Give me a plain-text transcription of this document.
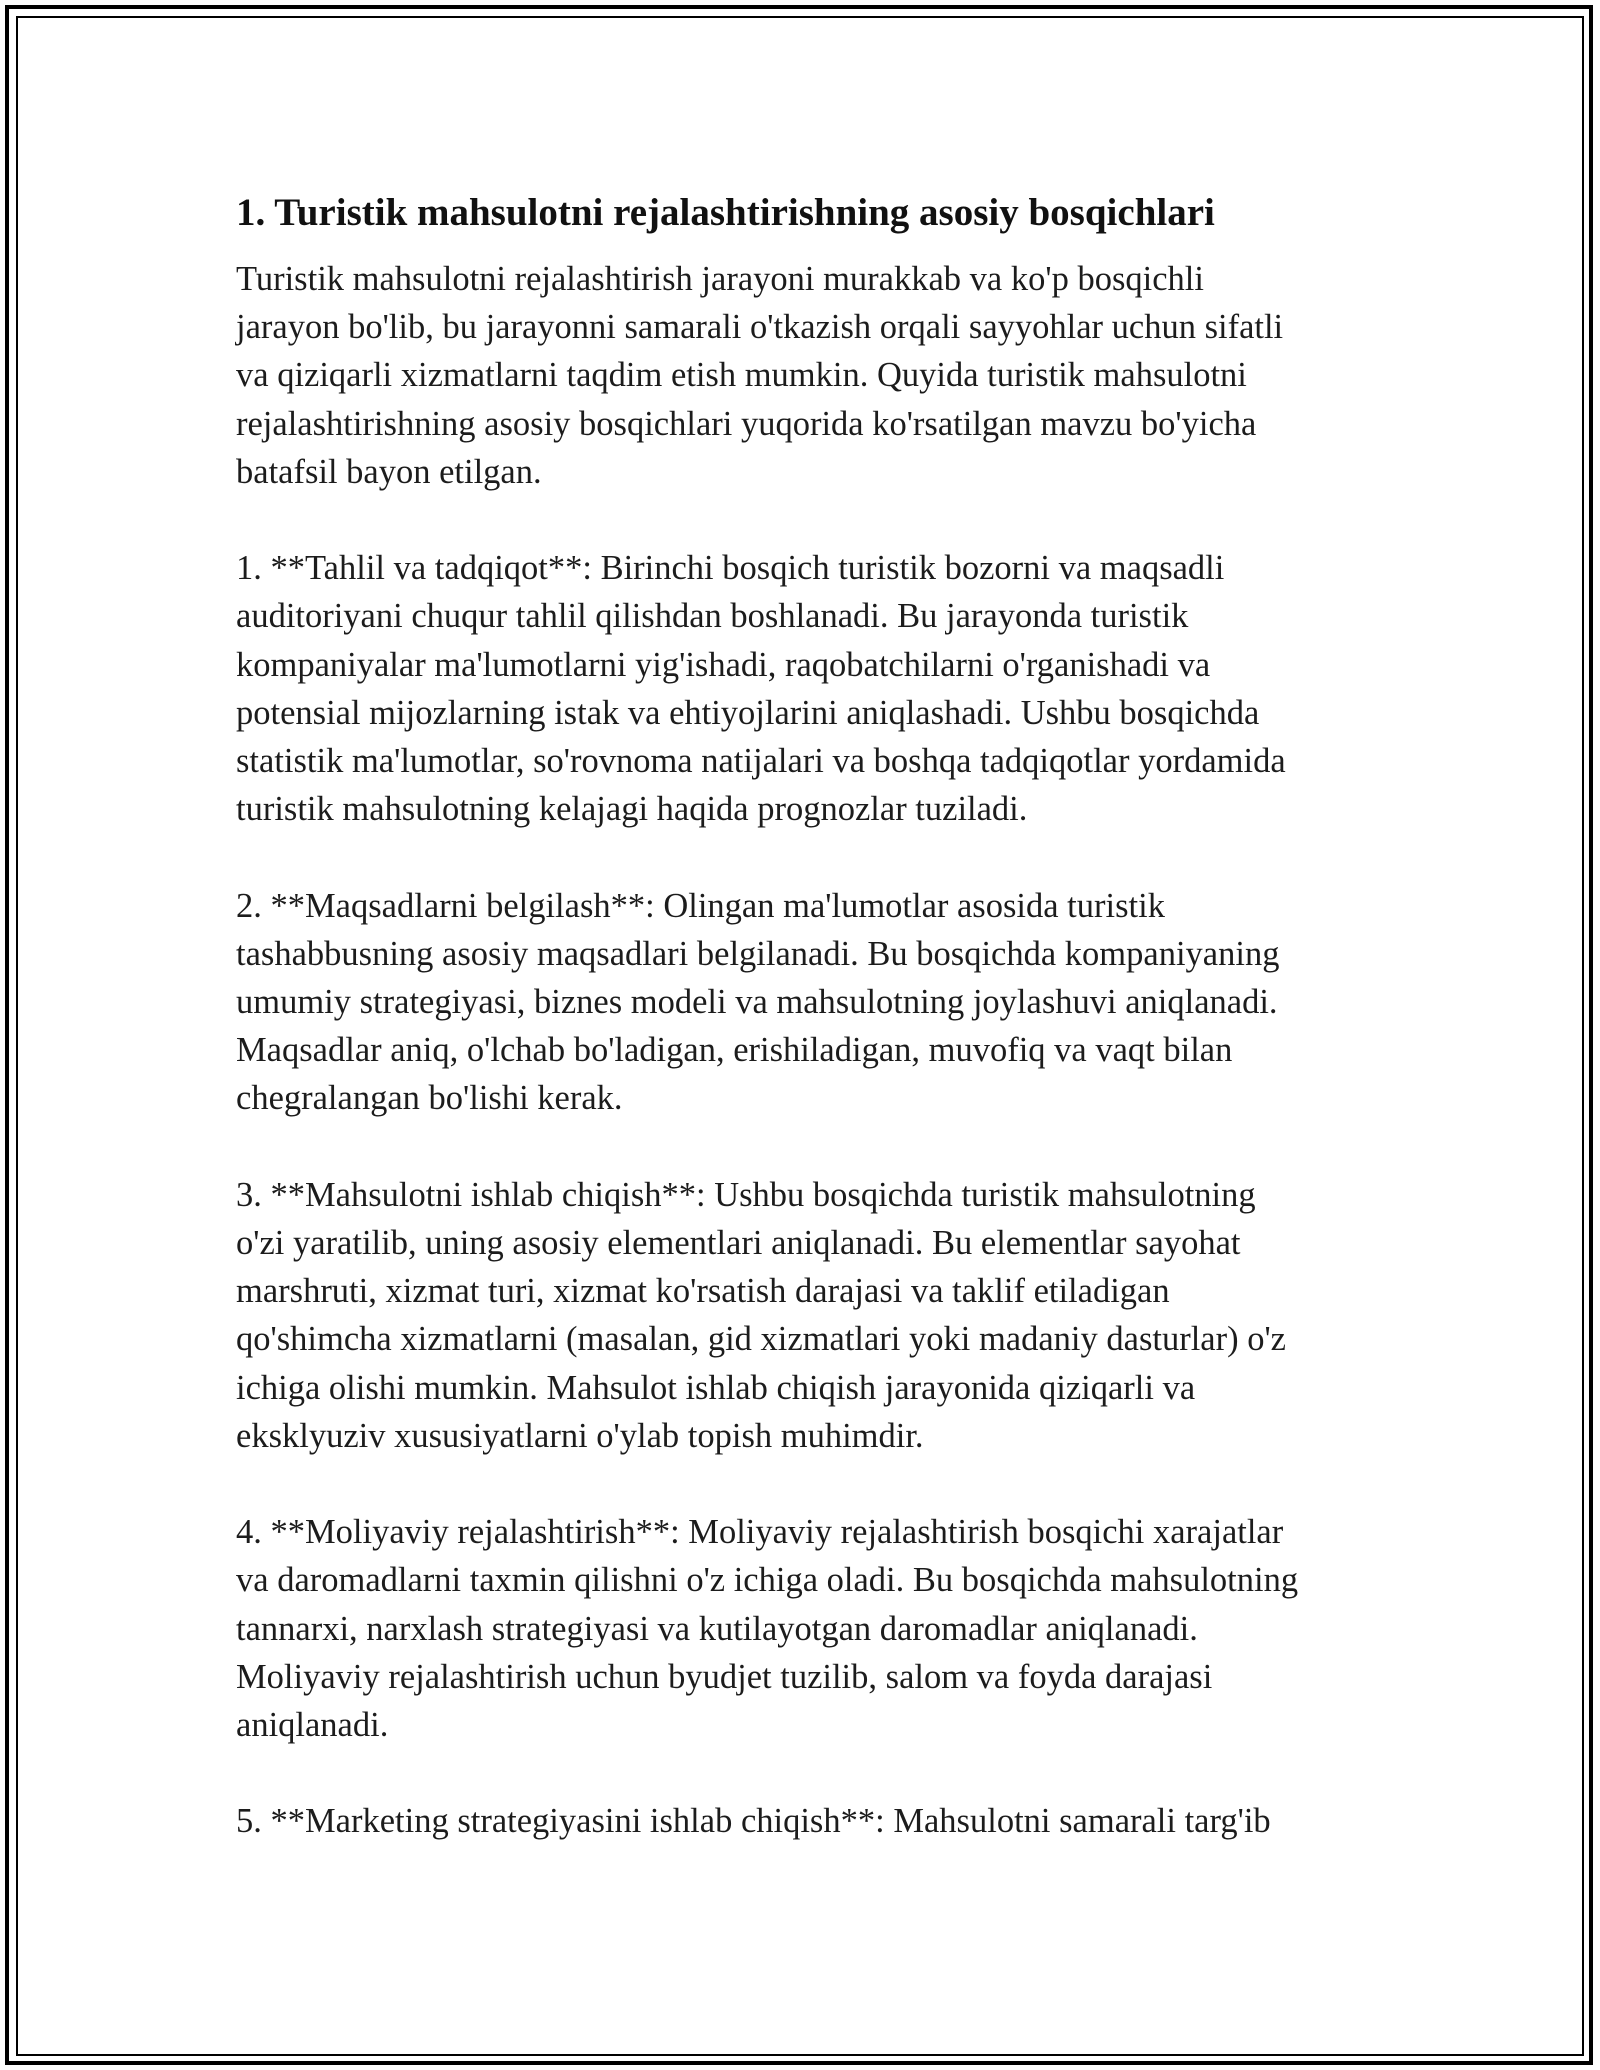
1. Turistik mahsulotni rejalashtirishning asosiy bosqichlari

Turistik mahsulotni rejalashtirish jarayoni murakkab va ko'p bosqichli
jarayon bo'lib, bu jarayonni samarali o'tkazish orqali sayyohlar uchun sifatli
va qiziqarli xizmatlarni taqdim etish mumkin. Quyida turistik mahsulotni
rejalashtirishning asosiy bosqichlari yuqorida ko'rsatilgan mavzu bo'yicha
batafsil bayon etilgan.

1. **Tahlil va tadqiqot**: Birinchi bosqich turistik bozorni va maqsadli
auditoriyani chuqur tahlil qilishdan boshlanadi. Bu jarayonda turistik
kompaniyalar ma'lumotlarni yig'ishadi, raqobatchilarni o'rganishadi va
potensial mijozlarning istak va ehtiyojlarini aniqlashadi. Ushbu bosqichda
statistik ma'lumotlar, so'rovnoma natijalari va boshqa tadqiqotlar yordamida
turistik mahsulotning kelajagi haqida prognozlar tuziladi.

2. **Maqsadlarni belgilash**: Olingan ma'lumotlar asosida turistik
tashabbusning asosiy maqsadlari belgilanadi. Bu bosqichda kompaniyaning
umumiy strategiyasi, biznes modeli va mahsulotning joylashuvi aniqlanadi.
Maqsadlar aniq, o'lchab bo'ladigan, erishiladigan, muvofiq va vaqt bilan
chegralangan bo'lishi kerak.

3. **Mahsulotni ishlab chiqish**: Ushbu bosqichda turistik mahsulotning
o'zi yaratilib, uning asosiy elementlari aniqlanadi. Bu elementlar sayohat
marshruti, xizmat turi, xizmat ko'rsatish darajasi va taklif etiladigan
qo'shimcha xizmatlarni (masalan, gid xizmatlari yoki madaniy dasturlar) o'z
ichiga olishi mumkin. Mahsulot ishlab chiqish jarayonida qiziqarli va
eksklyuziv xususiyatlarni o'ylab topish muhimdir.

4. **Moliyaviy rejalashtirish**: Moliyaviy rejalashtirish bosqichi xarajatlar
va daromadlarni taxmin qilishni o'z ichiga oladi. Bu bosqichda mahsulotning
tannarxi, narxlash strategiyasi va kutilayotgan daromadlar aniqlanadi.
Moliyaviy rejalashtirish uchun byudjet tuzilib, salom va foyda darajasi
aniqlanadi.

5. **Marketing strategiyasini ishlab chiqish**: Mahsulotni samarali targ'ib
